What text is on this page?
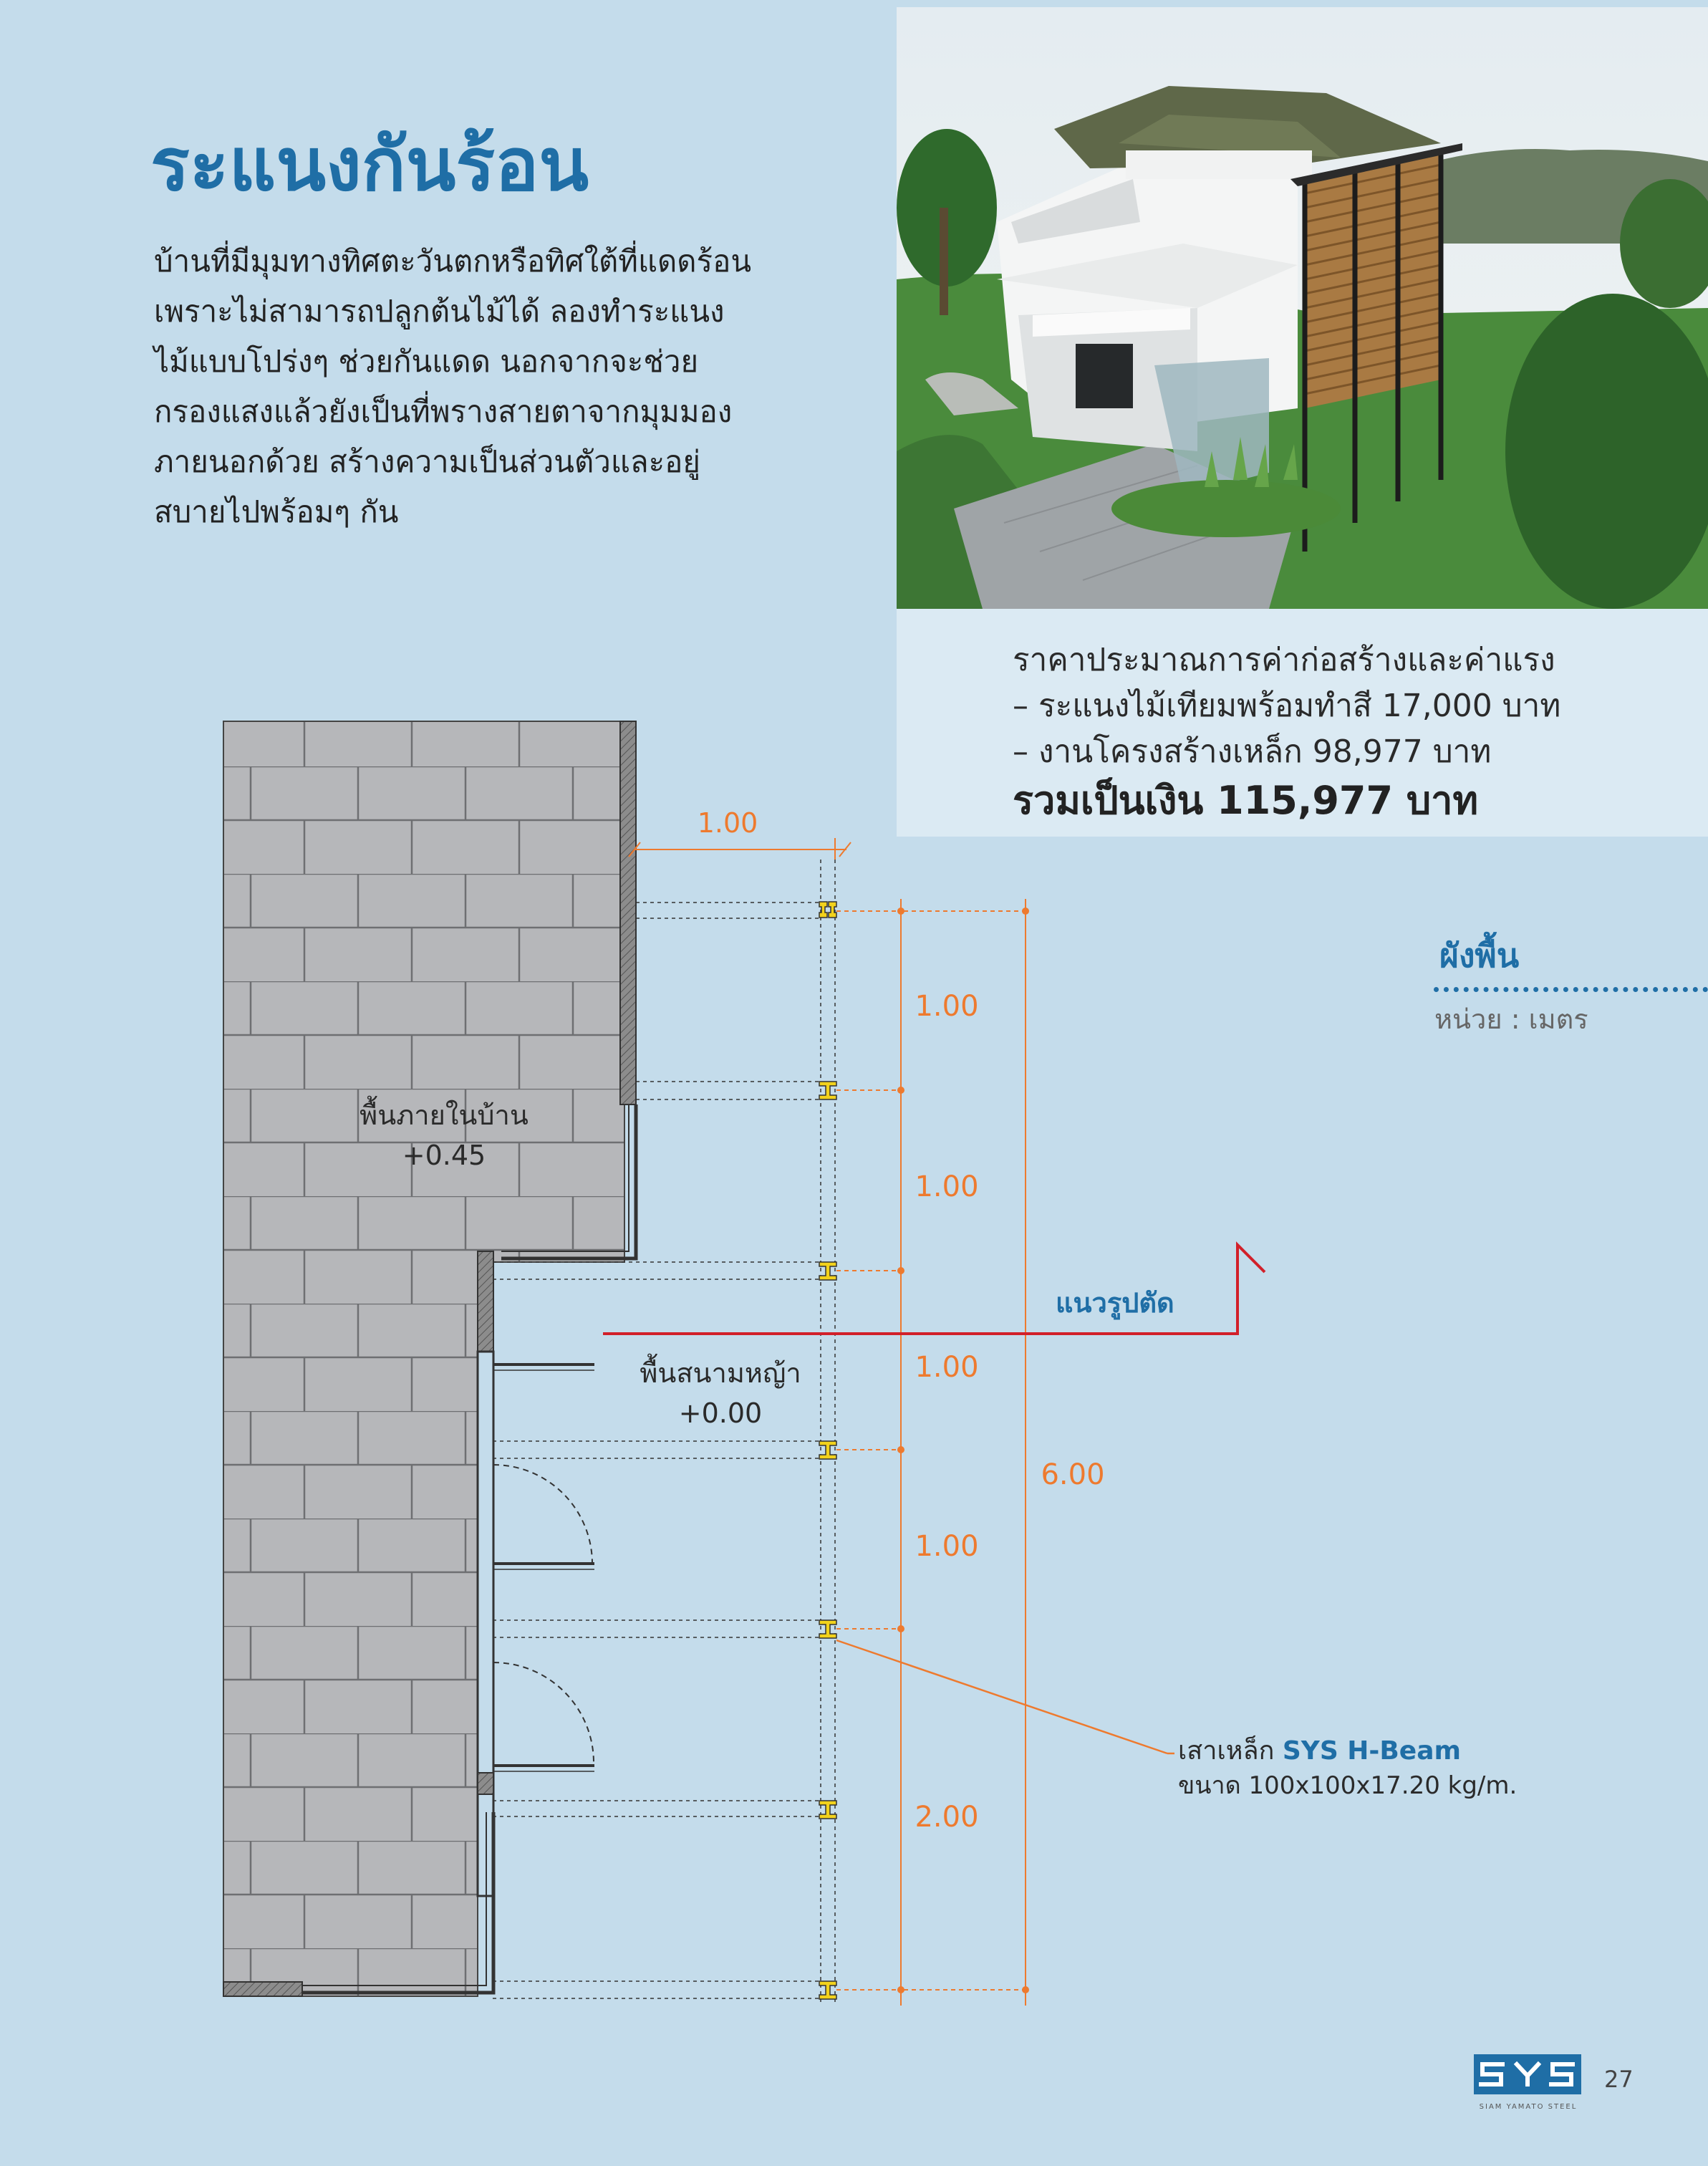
ระแนงกันร้อน
บ้านที่มีมุมทางทิศตะวันตกหรือทิศใต้ที่แดดร้อน
เพราะไม่สามารถปลูกต้นไม้ได้ ลองทำระแนง
ไม้แบบโปร่งๆ ช่วยกันแดด นอกจากจะช่วย
กรองแสงแล้วยังเป็นที่พรางสายตาจากมุมมอง
ภายนอกด้วย สร้างความเป็นส่วนตัวและอยู่
สบายไปพร้อมๆ กัน
ราคาประมาณการค่าก่อสร้างและค่าแรง
– ระแนงไม้เทียมพร้อมทำสี 17,000 บาท
– งานโครงสร้างเหล็ก 98,977 บาท
รวมเป็นเงิน 115,977 บาท
ผังพื้น
หน่วย : เมตร
1.00
1.00
1.00
1.00
1.00
2.00
6.00
พื้นภายในบ้าน
+0.45
พื้นสนามหญ้า
+0.00
แนวรูปตัด
เสาเหล็ก SYS H-Beam
ขนาด 100x100x17.20 kg/m.
SIAM YAMATO STEEL
27
